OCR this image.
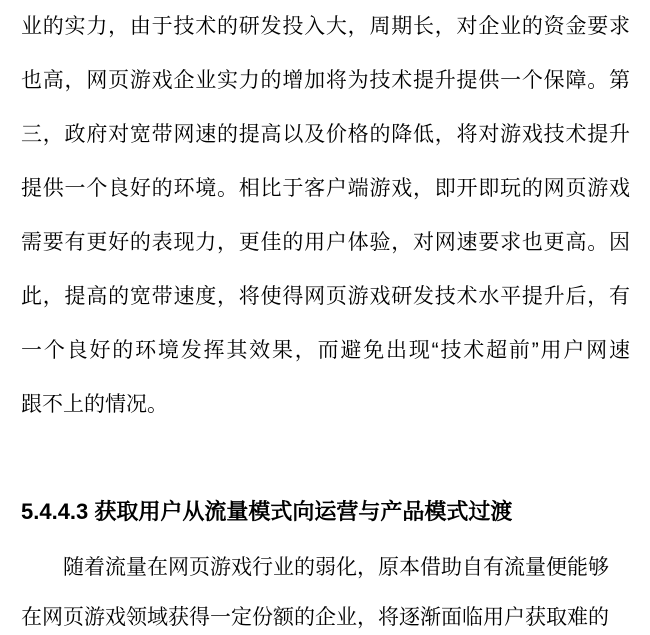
业的实力，由于技术的研发投入大，周期长，对企业的资金要求
也高，网页游戏企业实力的增加将为技术提升提供一个保障。第
三，政府对宽带网速的提高以及价格的降低，将对游戏技术提升
提供一个良好的环境。相比于客户端游戏，即开即玩的网页游戏
需要有更好的表现力，更佳的用户体验，对网速要求也更高。因
此，提高的宽带速度，将使得网页游戏研发技术水平提升后，有
一个良好的环境发挥其效果，而避免出现“技术超前”用户网速
跟不上的情况。
5.4.4.3 获取用户从流量模式向运营与产品模式过渡
随着流量在网页游戏行业的弱化，原本借助自有流量便能够
在网页游戏领域获得一定份额的企业，将逐渐面临用户获取难的
